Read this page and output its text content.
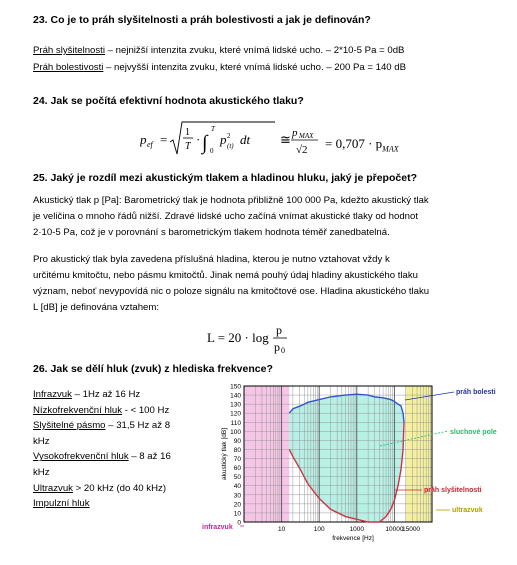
23. Co je to práh slyšitelnosti a práh bolestivosti a jak je definován?
Práh slyšitelnosti – nejnižší intenzita zvuku, které vnímá lidské ucho. – 2*10-5 Pa = 0dB
Práh bolestivosti – nejvyšší intenzita zvuku, které vnímá lidské ucho. – 200 Pa = 140 dB
24. Jak se počítá efektivní hodnota akustického tlaku?
p ef = 1
T · ∫
T
0
p 2
(t) dt ≅ p MAX
$√2 = 0,707 \cdot p_{MAX}$
25. Jaký je rozdíl mezi akustickým tlakem a hladinou hluku, jaký je přepočet?
Akustický tlak p [Pa]: Barometrický tlak je hodnota přibližně 100 000 Pa, kdežto akustický tlak
je veličina o mnoho řádů nižší. Zdravé lidské ucho začíná vnímat akustické tlaky od hodnot
2·10-5 Pa, což je v porovnání s barometrickým tlakem hodnota téměř zanedbatelná.
Pro akustický tlak byla zavedena příslušná hladina, kterou je nutno vztahovat vždy k
určitému kmitočtu, nebo pásmu kmitočtů. Jinak nemá pouhý údaj hladiny akustického tlaku
význam, neboť nevypovídá nic o poloze signálu na kmitočtové ose. Hladina akustického tlaku
L [dB] je definována vztahem:
L = 20 · log p
p 0
26. Jak se dělí hluk (zvuk) z hlediska frekvence?
Infrazvuk – 1Hz až 16 Hz
Nízkofrekvenční hluk - < 100 Hz
Slyšitelné pásmo – 31,5 Hz až 8
kHz
Vysokofrekvenční hluk – 8 až 16
kHz
Ultrazvuk > 20 kHz (do 40 kHz)
Impulzní hluk
150
140
130
120
110
100
90
80
70
60
50
40
30
20
10
0
10	100	1000	10000
15000
akustický tlak [dB]
frekvence [Hz]
práh bolesti
sluchové pole
práh slyšitelnosti
ultrazvuk
infrazvuk
